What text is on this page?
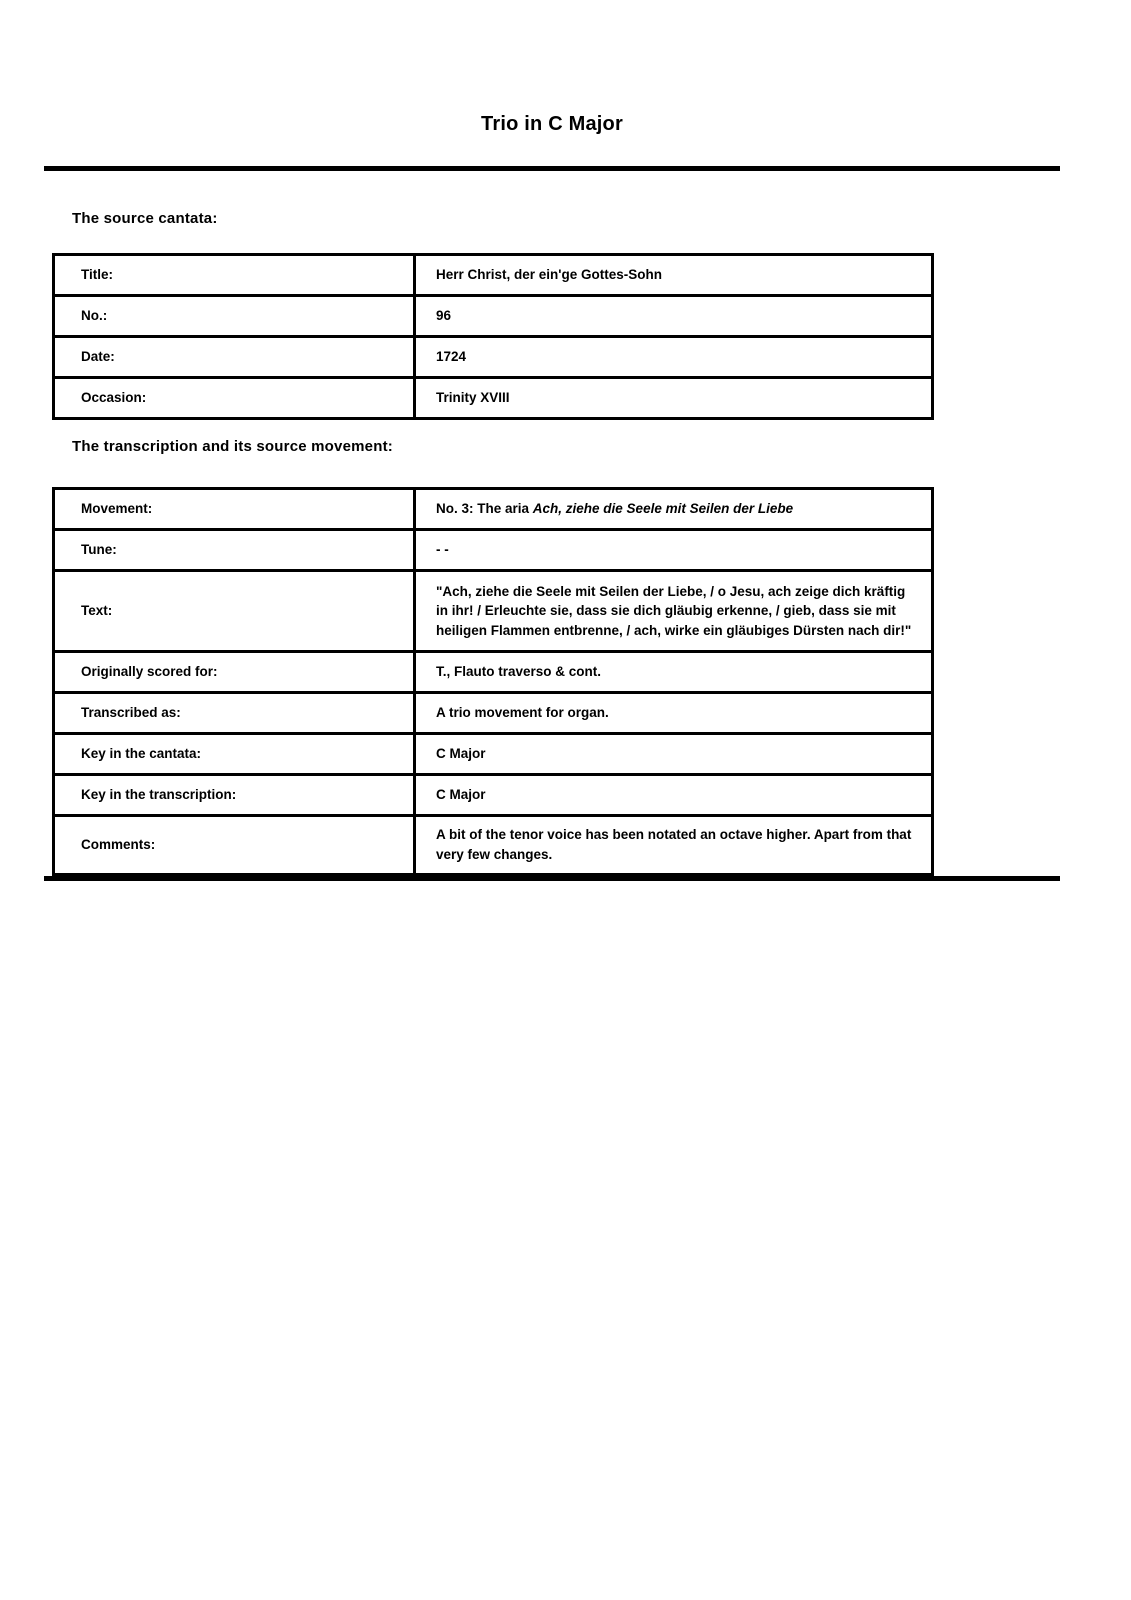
Trio in C Major
The source cantata:
Title:	Herr Christ, der ein'ge Gottes-Sohn

No.:	96
Date:	1724
Occasion:	Trinity XVIII
The transcription and its source movement:
Movement:	No. 3: The aria Ach, ziehe die Seele mit Seilen der Liebe

Tune:	- -
Text:	"Ach, ziehe die Seele mit Seilen der Liebe, / o Jesu, ach zeige dich kräftig in ihr! / Erleuchte sie, dass sie dich gläubig erkenne, / gieb, dass sie mit heiligen Flammen entbrenne, / ach, wirke ein gläubiges Dürsten nach dir!"
Originally scored for:	T., Flauto traverso & cont.
Transcribed as:	A trio movement for organ.
Key in the cantata:	C Major
Key in the transcription:	C Major
Comments:	A bit of the tenor voice has been notated an octave higher. Apart from that very few changes.
